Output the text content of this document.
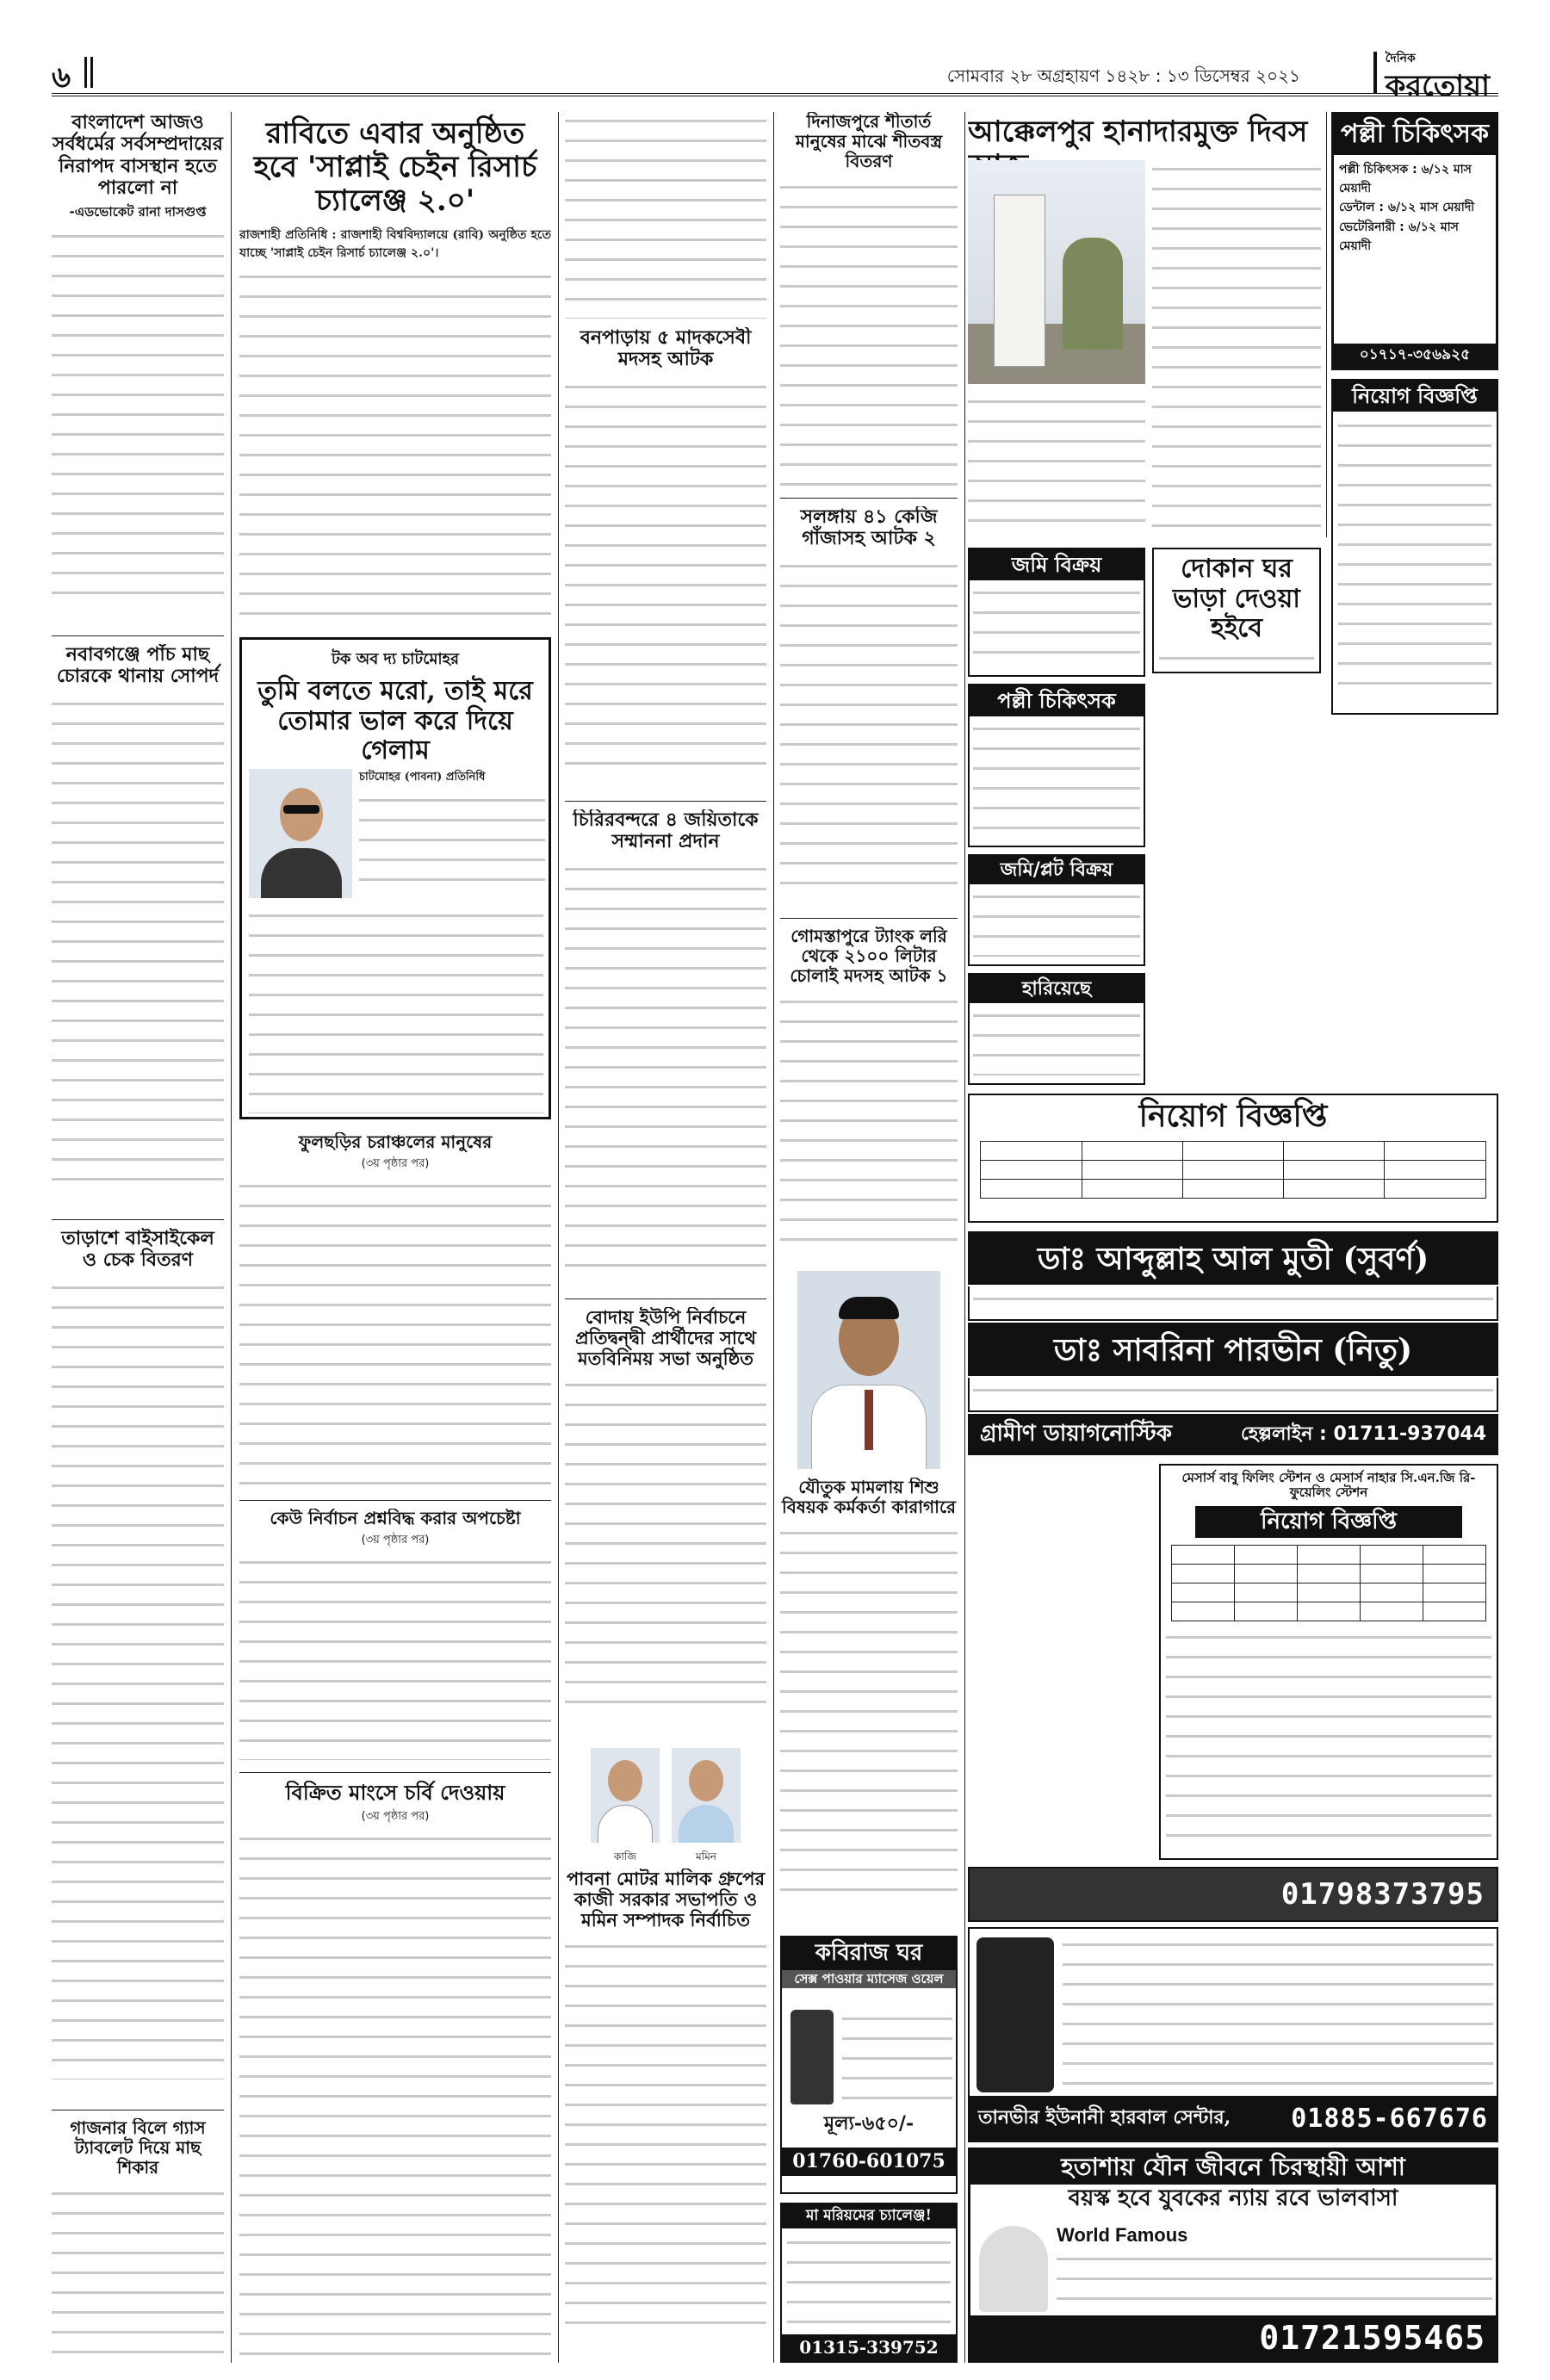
৬	সোমবার ২৮ অগ্রহায়ণ ১৪২৮ : ১৩ ডিসেম্বর ২০২১
দৈনিক
করতোয়া
বাংলাদেশ আজও সর্বধর্মের সর্বসম্প্রদায়ের নিরাপদ বাসস্থান হতে পারলো না
-এডভোকেট রানা দাসগুপ্ত
নবাবগঞ্জে পাঁচ মাছ চোরকে থানায় সোপর্দ
তাড়াশে বাইসাইকেল ও চেক বিতরণ
গাজনার বিলে গ্যাস ট্যাবলেট দিয়ে মাছ শিকার
রাবিতে এবার অনুষ্ঠিত হবে 'সাপ্লাই চেইন রিসার্চ চ্যালেঞ্জ ২.০'
রাজশাহী প্রতিনিধি : রাজশাহী বিশ্ববিদ্যালয়ে (রাবি) অনুষ্ঠিত হতে যাচ্ছে 'সাপ্লাই চেইন রিসার্চ চ্যালেঞ্জ ২.০'।
টক অব দ্য চাটমোহর
তুমি বলতে মরো, তাই মরে তোমার ভাল করে দিয়ে গেলাম
চাটমোহর (পাবনা) প্রতিনিধি
ফুলছড়ির চরাঞ্চলের মানুষের
(৩য় পৃষ্ঠার পর)
কেউ নির্বাচন প্রশ্নবিদ্ধ করার অপচেষ্টা
(৩য় পৃষ্ঠার পর)
বিক্রিত মাংসে চর্বি দেওয়ায়
(৩য় পৃষ্ঠার পর)
বনপাড়ায় ৫ মাদকসেবী মদসহ আটক
চিরিরবন্দরে ৪ জয়িতাকে সম্মাননা প্রদান
বোদায় ইউপি নির্বাচনে প্রতিদ্বন্দ্বী প্রার্থীদের সাথে মতবিনিময় সভা অনুষ্ঠিত
কাজি	মমিন
পাবনা মোটর মালিক গ্রুপের কাজী সরকার সভাপতি ও মমিন সম্পাদক নির্বাচিত
দিনাজপুরে শীতার্ত মানুষের মাঝে শীতবস্ত্র বিতরণ
সলঙ্গায় ৪১ কেজি গাঁজাসহ আটক ২
গোমস্তাপুরে ট্যাংক লরি থেকে ২১০০ লিটার চোলাই মদসহ আটক ১
যৌতুক মামলায় শিশু বিষয়ক কর্মকর্তা কারাগারে
কবিরাজ ঘর
সেক্স পাওয়ার ম্যাসেজ ওয়েল
মূল্য-৬৫০/-
01760-601075
মা মরিয়মের চ্যালেঞ্জ!
01315-339752
আক্কেলপুর হানাদারমুক্ত দিবস
দোকান ঘর ভাড়া দেওয়া হইবে
জমি বিক্রয়
পল্লী চিকিৎসক
জমি/প্লট বিক্রয়
হারিয়েছে
পল্লী চিকিৎসক
পল্লী চিকিৎসক : ৬/১২ মাস মেয়াদী
ডেন্টাল : ৬/১২ মাস মেয়াদী
ভেটেরিনারী : ৬/১২ মাস মেয়াদী
০১৭১৭-৩৫৬৯২৫
নিয়োগ বিজ্ঞপ্তি
নিয়োগ বিজ্ঞপ্তি

ডাঃ আব্দুল্লাহ আল মুতী (সুবর্ণ)
ডাঃ সাবরিনা পারভীন (নিতু)
গ্রামীণ ডায়াগনোস্টিক	হেল্পলাইন : 01711-937044
মেসার্স বাবু ফিলিং স্টেশন ও মেসার্স নাহার সি.এন.জি রি-ফুয়েলিং স্টেশন
নিয়োগ বিজ্ঞপ্তি

01798373795
তানভীর ইউনানী হারবাল সেন্টার, 01885-667676
হতাশায় যৌন জীবনে চিরস্থায়ী আশা
বয়স্ক হবে যুবকের ন্যায় রবে ভালবাসা
World Famous
01721595465
